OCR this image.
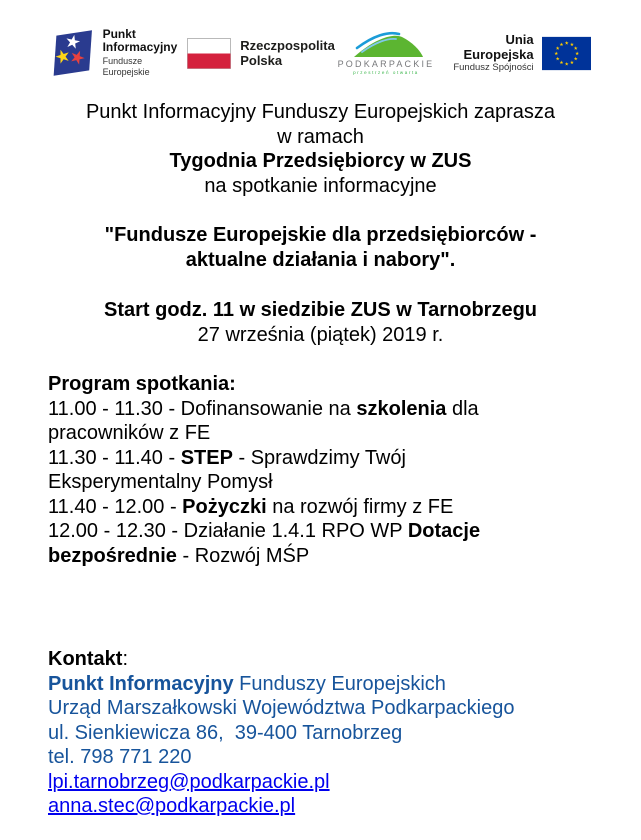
Punkt
Informacyjny
Fundusze Europejskie
Rzeczpospolita
Polska	PODKARPACKIE
przestrzeń otwarta
Unia Europejska
Fundusz Spójności
Punkt Informacyjny Funduszy Europejskich zaprasza
w ramach
Tygodnia Przedsiębiorcy w ZUS
na spotkanie informacyjne
"Fundusze Europejskie dla przedsiębiorców -
aktualne działania i nabory".
Start godz. 11 w siedzibie ZUS w Tarnobrzegu
27 września (piątek) 2019 r.
Program spotkania:
11.00 - 11.30 - Dofinansowanie na szkolenia dla
pracowników z FE
11.30 - 11.40 - STEP - Sprawdzimy Twój
Eksperymentalny Pomysł
11.40 - 12.00 - Pożyczki na rozwój firmy z FE
12.00 - 12.30 - Działanie 1.4.1 RPO WP Dotacje
bezpośrednie - Rozwój MŚP
Kontakt:
Punkt Informacyjny Funduszy Europejskich
Urząd Marszałkowski Województwa Podkarpackiego
ul. Sienkiewicza 86,  39-400 Tarnobrzeg
tel. 798 771 220
lpi.tarnobrzeg@podkarpackie.pl
anna.stec@podkarpackie.pl
